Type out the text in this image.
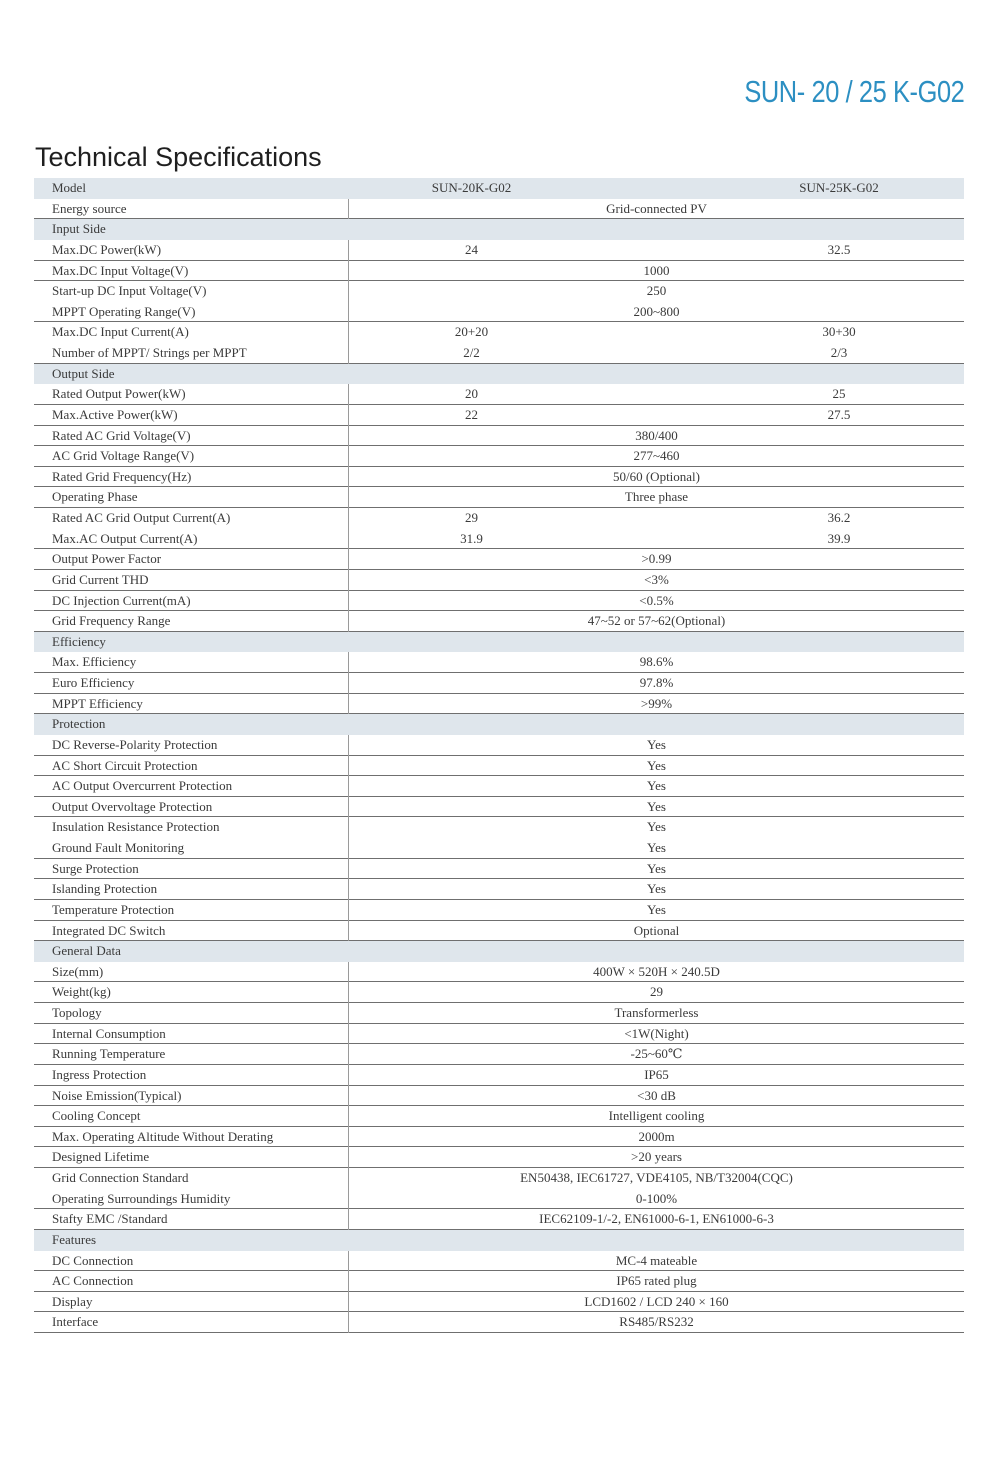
SUN- 20 / 25 K-G02
Technical Specifications
Model	SUN-20K-G02	SUN-25K-G02
Energy source	Grid-connected PV
Input Side
Max.DC Power(kW)	24	32.5
Max.DC Input Voltage(V)	1000
Start-up DC Input Voltage(V)	250
MPPT Operating Range(V)	200~800
Max.DC Input Current(A)	20+20	30+30
Number of MPPT/ Strings per MPPT	2/2	2/3
Output Side
Rated Output Power(kW)	20	25
Max.Active Power(kW)	22	27.5
Rated AC Grid Voltage(V)	380/400
AC Grid Voltage Range(V)	277~460
Rated Grid Frequency(Hz)	50/60 (Optional)
Operating Phase	Three phase
Rated AC Grid Output Current(A)	29	36.2
Max.AC Output Current(A)	31.9	39.9
Output Power Factor	>0.99
Grid Current THD	<3%
DC Injection Current(mA)	<0.5%
Grid Frequency Range	47~52 or 57~62(Optional)
Efficiency
Max. Efficiency	98.6%
Euro Efficiency	97.8%
MPPT Efficiency	>99%
Protection
DC Reverse-Polarity Protection	Yes
AC Short Circuit Protection	Yes
AC Output Overcurrent Protection	Yes
Output Overvoltage Protection	Yes
Insulation Resistance Protection	Yes
Ground Fault Monitoring	Yes
Surge Protection	Yes
Islanding Protection	Yes
Temperature Protection	Yes
Integrated DC Switch	Optional
General Data
Size(mm)	400W × 520H × 240.5D
Weight(kg)	29
Topology	Transformerless
Internal Consumption	<1W(Night)
Running Temperature	-25~60℃
Ingress Protection	IP65
Noise Emission(Typical)	<30 dB
Cooling Concept	Intelligent cooling
Max. Operating Altitude Without Derating	2000m
Designed Lifetime	>20 years
Grid Connection Standard	EN50438, IEC61727, VDE4105, NB/T32004(CQC)
Operating Surroundings Humidity	0-100%
Stafty EMC /Standard	IEC62109-1/-2, EN61000-6-1, EN61000-6-3
Features
DC Connection	MC-4 mateable
AC Connection	IP65 rated plug
Display	LCD1602 / LCD 240 × 160
Interface	RS485/RS232
